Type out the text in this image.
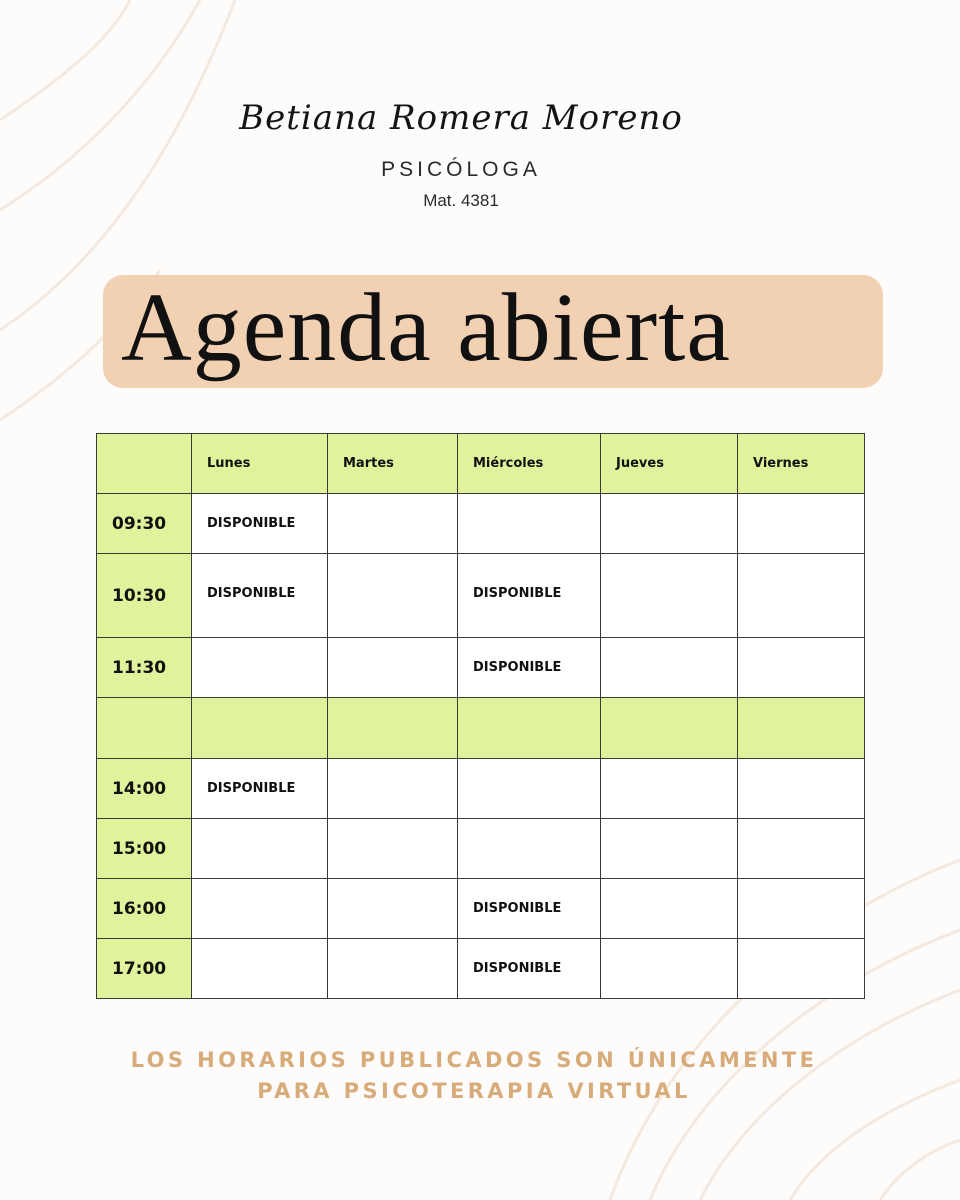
Betiana Romera Moreno
PSICÓLOGA
Mat. 4381
Agenda abierta
	Lunes	Martes	Miércoles	Jueves	Viernes
09:30	DISPONIBLE				
10:30	DISPONIBLE		DISPONIBLE		
11:30			DISPONIBLE		

14:00	DISPONIBLE				
15:00					
16:00			DISPONIBLE		
17:00			DISPONIBLE		
LOS HORARIOS PUBLICADOS SON ÚNICAMENTE
PARA PSICOTERAPIA VIRTUAL
